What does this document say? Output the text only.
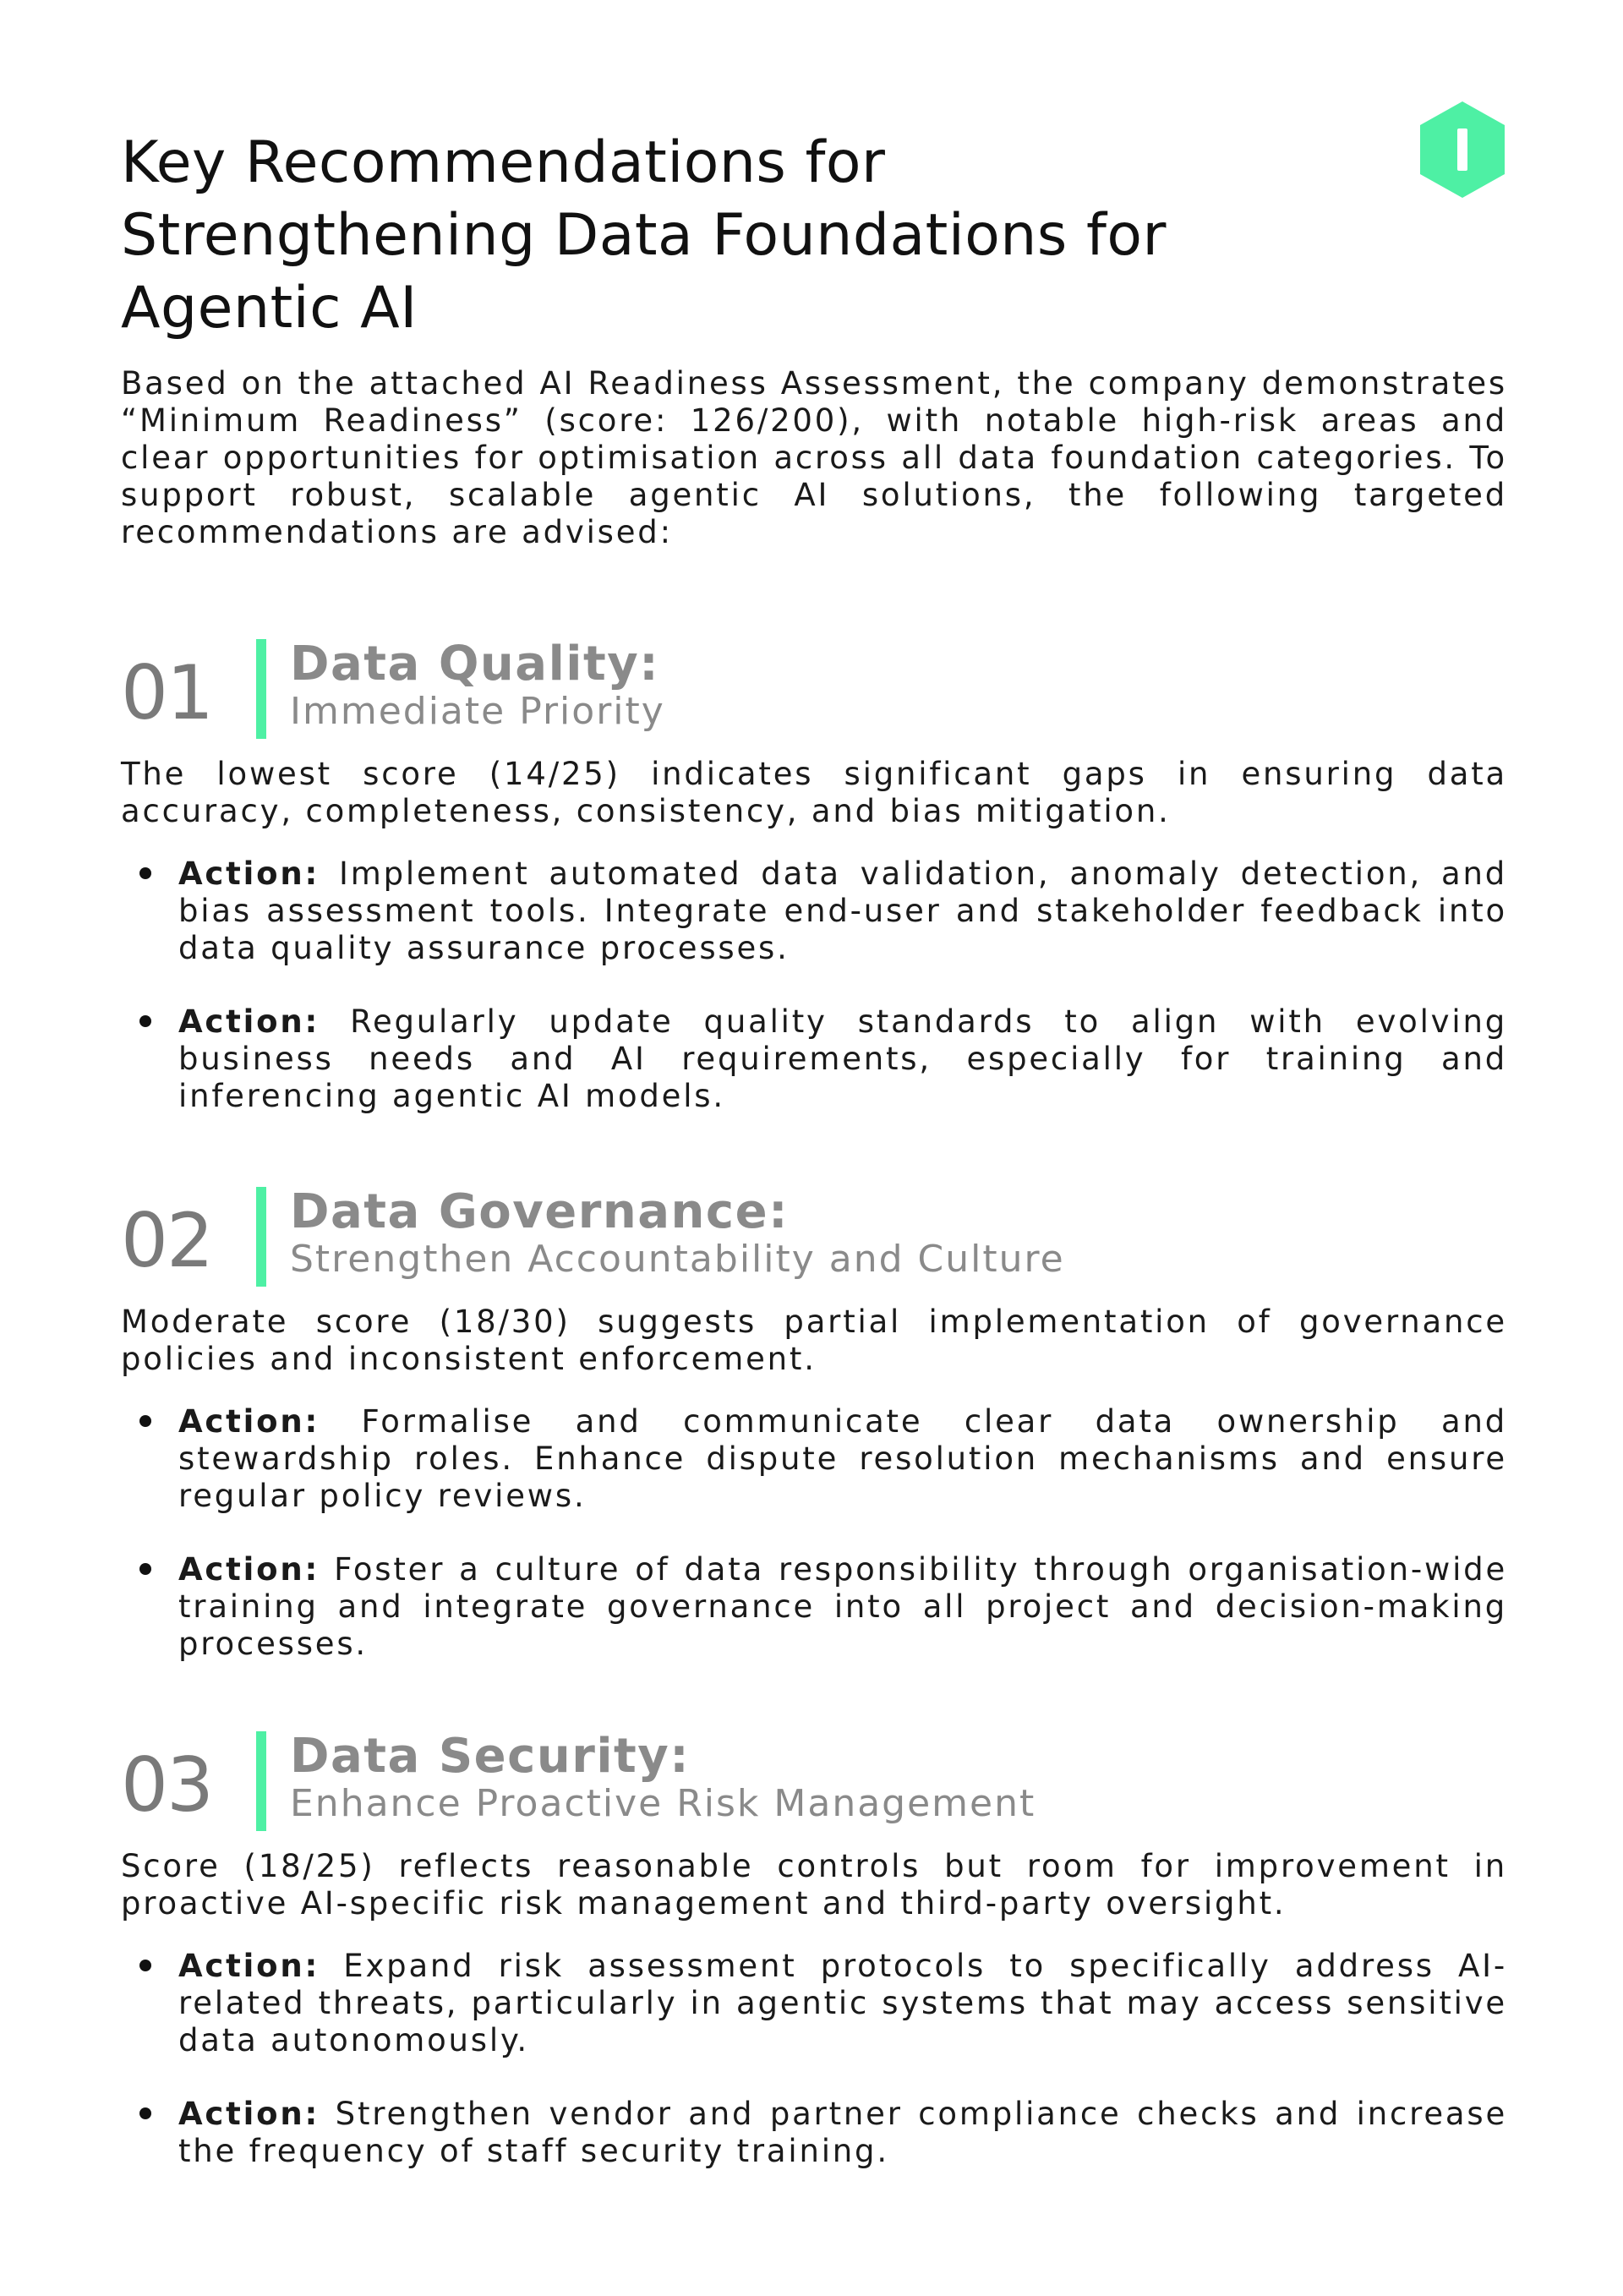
Key Recommendations for Strengthening Data Foundations for Agentic AI

Based on the attached AI Readiness Assessment, the company demonstrates “Minimum Readiness” (score: 126/200), with notable high-risk areas and clear opportunities for optimisation across all data foundation categories. To support robust, scalable agentic AI solutions, the following targeted recommendations are advised:

01 Data Quality:
Immediate Priority

The lowest score (14/25) indicates significant gaps in ensuring data accuracy, completeness, consistency, and bias mitigation.

Action: Implement automated data validation, anomaly detection, and bias assessment tools. Integrate end-user and stakeholder feedback into data quality assurance processes.
Action: Regularly update quality standards to align with evolving business needs and AI requirements, especially for training and inferencing agentic AI models.
02 Data Governance:
Strengthen Accountability and Culture

Moderate score (18/30) suggests partial implementation of governance policies and inconsistent enforcement.

Action: Formalise and communicate clear data ownership and stewardship roles. Enhance dispute resolution mechanisms and ensure regular policy reviews.
Action: Foster a culture of data responsibility through organisation-wide training and integrate governance into all project and decision-making processes.
03 Data Security:
Enhance Proactive Risk Management

Score (18/25) reflects reasonable controls but room for improvement in proactive AI-specific risk management and third-party oversight.

Action: Expand risk assessment protocols to specifically address AI-related threats, particularly in agentic systems that may access sensitive data autonomously.
Action: Strengthen vendor and partner compliance checks and increase the frequency of staff security training.
